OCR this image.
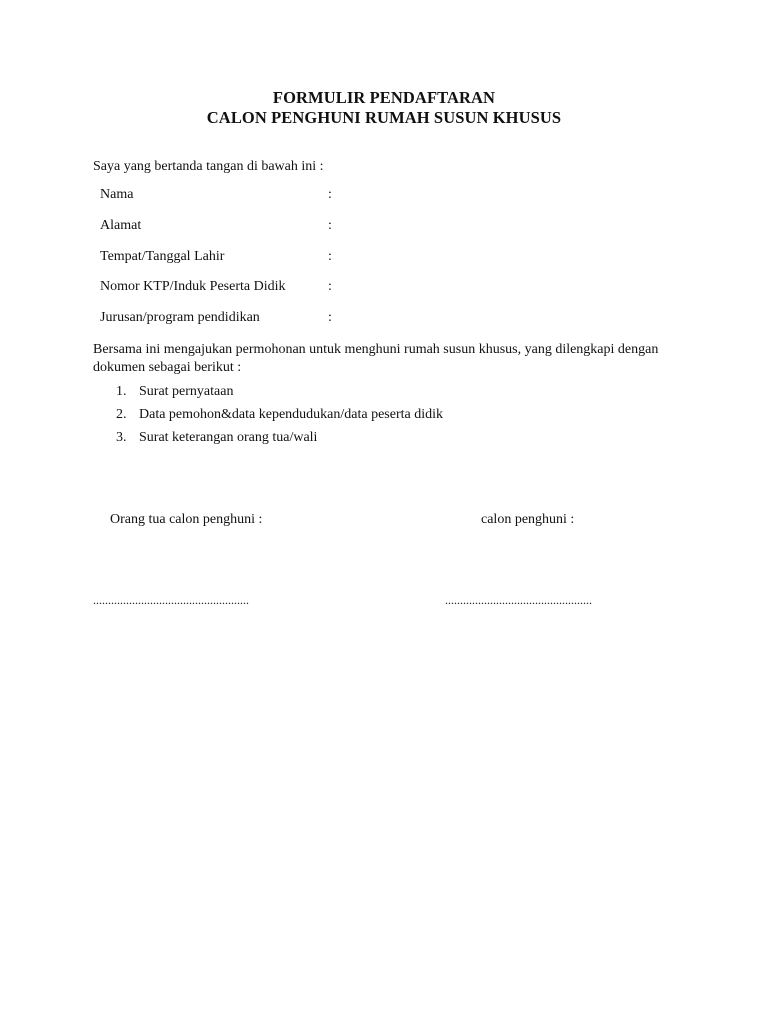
FORMULIR PENDAFTARAN
CALON PENGHUNI RUMAH SUSUN KHUSUS
Saya yang bertanda tangan di bawah ini :
Nama	:
Alamat	:
Tempat/Tanggal Lahir	:
Nomor KTP/Induk Peserta Didik	:
Jurusan/program pendidikan	:
Bersama ini mengajukan permohonan untuk menghuni rumah susun khusus, yang dilengkapi dengan dokumen sebagai berikut :
1. Surat pernyataan
2. Data pemohon&data kependudukan/data peserta didik
3. Surat keterangan orang tua/wali
Orang tua calon penghuni :	calon penghuni :
....................................................	.................................................
